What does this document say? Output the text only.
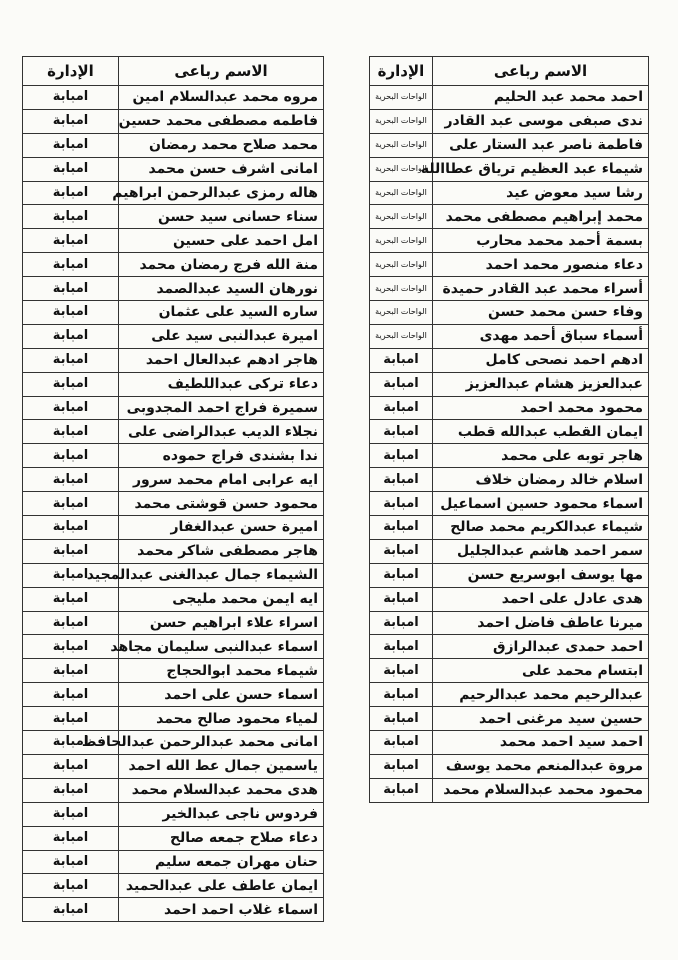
الاسم رباعى	الإدارة
مروه محمد عبدالسلام امين	امبابة
فاطمه مصطفى محمد حسين	امبابة
محمد صلاح محمد رمضان	امبابة
امانى اشرف حسن محمد	امبابة
هاله رمزى عبدالرحمن ابراهيم	امبابة
سناء حسانى سيد حسن	امبابة
امل احمد على حسين	امبابة
منة الله فرج رمضان محمد	امبابة
نورهان السيد عبدالصمد	امبابة
ساره السيد على عثمان	امبابة
اميرة عبدالنبى سيد على	امبابة
هاجر ادهم عبدالعال احمد	امبابة
دعاء تركى عبداللطيف	امبابة
سميرة فراج احمد المجدوبى	امبابة
نجلاء الديب عبدالراضى على	امبابة
ندا بشندى فراج حموده	امبابة
ايه عرابى امام محمد سرور	امبابة
محمود حسن قوشتى محمد	امبابة
اميرة حسن عبدالغفار	امبابة
هاجر مصطفى شاكر محمد	امبابة
الشيماء جمال عبدالغنى عبدالمجيد	امبابة
ايه ايمن محمد مليجى	امبابة
اسراء علاء ابراهيم حسن	امبابة
اسماء عبدالنبى سليمان مجاهد	امبابة
شيماء محمد ابوالحجاج	امبابة
اسماء حسن على احمد	امبابة
لمياء محمود صالح محمد	امبابة
امانى محمد عبدالرحمن عبدالحافظ	امبابة
ياسمين جمال عط الله احمد	امبابة
هدى محمد عبدالسلام محمد	امبابة
فردوس ناجى عبدالخير	امبابة
دعاء صلاح جمعه صالح	امبابة
حنان مهران جمعه سليم	امبابة
ايمان عاطف على عبدالحميد	امبابة
اسماء غلاب احمد احمد	امبابة
الاسم رباعى	الإدارة
احمد محمد عبد الحليم	الواحات البحرية
ندى صبفى موسى عبد القادر	الواحات البحرية
فاطمة ناصر عبد الستار على	الواحات البحرية
شيماء عبد العظيم ترياق عطاالله	الواحات البحرية
رشا سيد معوض عيد	الواحات البحرية
محمد إبراهيم مصطفى محمد	الواحات البحرية
بسمة أحمد محمد محارب	الواحات البحرية
دعاء منصور محمد احمد	الواحات البحرية
أسراء محمد عبد القادر حميدة	الواحات البحرية
وفاء حسن محمد حسن	الواحات البحرية
أسماء سباق أحمد مهدى	الواحات البحرية
ادهم احمد نصحى كامل	امبابة
عبدالعزيز هشام عبدالعزيز	امبابة
محمود محمد احمد	امبابة
ايمان القطب عبدالله قطب	امبابة
هاجر توبه على محمد	امبابة
اسلام خالد رمضان خلاف	امبابة
اسماء محمود حسين اسماعيل	امبابة
شيماء عبدالكريم محمد صالح	امبابة
سمر احمد هاشم عبدالجليل	امبابة
مها يوسف ابوسريع حسن	امبابة
هدى عادل على احمد	امبابة
ميرنا عاطف فاضل احمد	امبابة
احمد حمدى عبدالرازق	امبابة
ابتسام محمد على	امبابة
عبدالرحيم محمد عبدالرحيم	امبابة
حسين سيد مرغنى احمد	امبابة
احمد سيد احمد محمد	امبابة
مروة عبدالمنعم محمد يوسف	امبابة
محمود محمد عبدالسلام محمد	امبابة
